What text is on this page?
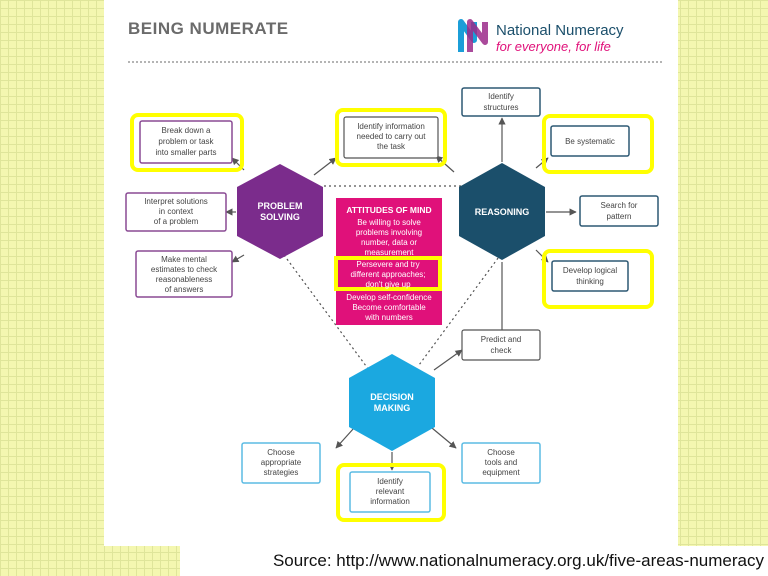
BEING NUMERATE	National Numeracy
for everyone, for life
PROBLEM
SOLVING	REASONING
DECISION
MAKING
ATTITUDES OF MIND
Be willing to solve
problems involving
number, data or
measurement
Persevere and try
different approaches;
don't give up
Develop self-confidence
Become comfortable
with numbers
Break down a
problem or task
into smaller parts
Interpret solutions
in context
of a problem
Make mental
estimates to check
reasonableness
of answers
Identify information
needed to carry out
the task
Identify
structures
Be systematic
Search for
pattern
Develop logical
thinking
Predict and
check
Choose
appropriate
strategies
Identify
relevant
information
Choose
tools and
equipment
Source: http://www.nationalnumeracy.org.uk/five-areas-numeracy
